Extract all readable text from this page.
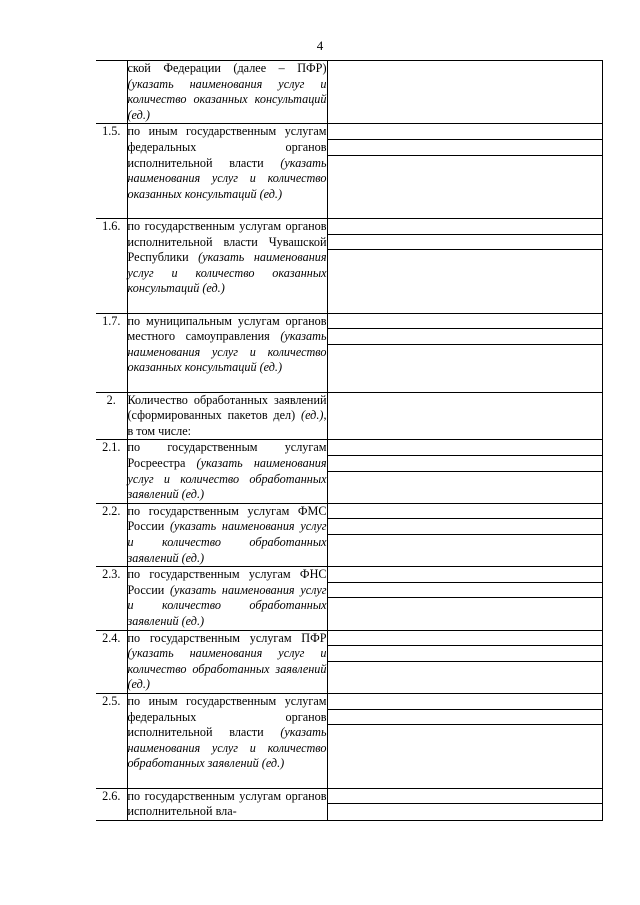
4
	ской Федерации (далее – ПФР) (указать наименования услуг и количество оказанных консультаций (ед.)	
1.5.	по иным государственным услугам федеральных органов исполнительной власти (указать наименования услуг и количество оказанных консультаций (ед.)	

1.6.	по государственным услугам органов исполнительной власти Чувашской Республики (указать наименования услуг и количество оказанных консультаций (ед.)	

1.7.	по муниципальным услугам органов местного самоуправления (указать наименования услуг и количество оказанных консультаций (ед.)	

2.	Количество обработанных заявлений (сформированных пакетов дел) (ед.), в том числе:	
2.1.	по государственным услугам Росреестра (указать наименования услуг и количество обработанных заявлений (ед.)	

2.2.	по государственным услугам ФМС России (указать наименования услуг и количество обработанных заявлений (ед.)	

2.3.	по государственным услугам ФНС России (указать наименования услуг и количество обработанных заявлений (ед.)	

2.4.	по государственным услугам ПФР (указать наименования услуг и количество обработанных заявлений (ед.)	

2.5.	по иным государственным услугам федеральных органов исполнительной власти (указать наименования услуг и количество обработанных заявлений (ед.)	

2.6.	по государственным услугам органов исполнительной вла-	
